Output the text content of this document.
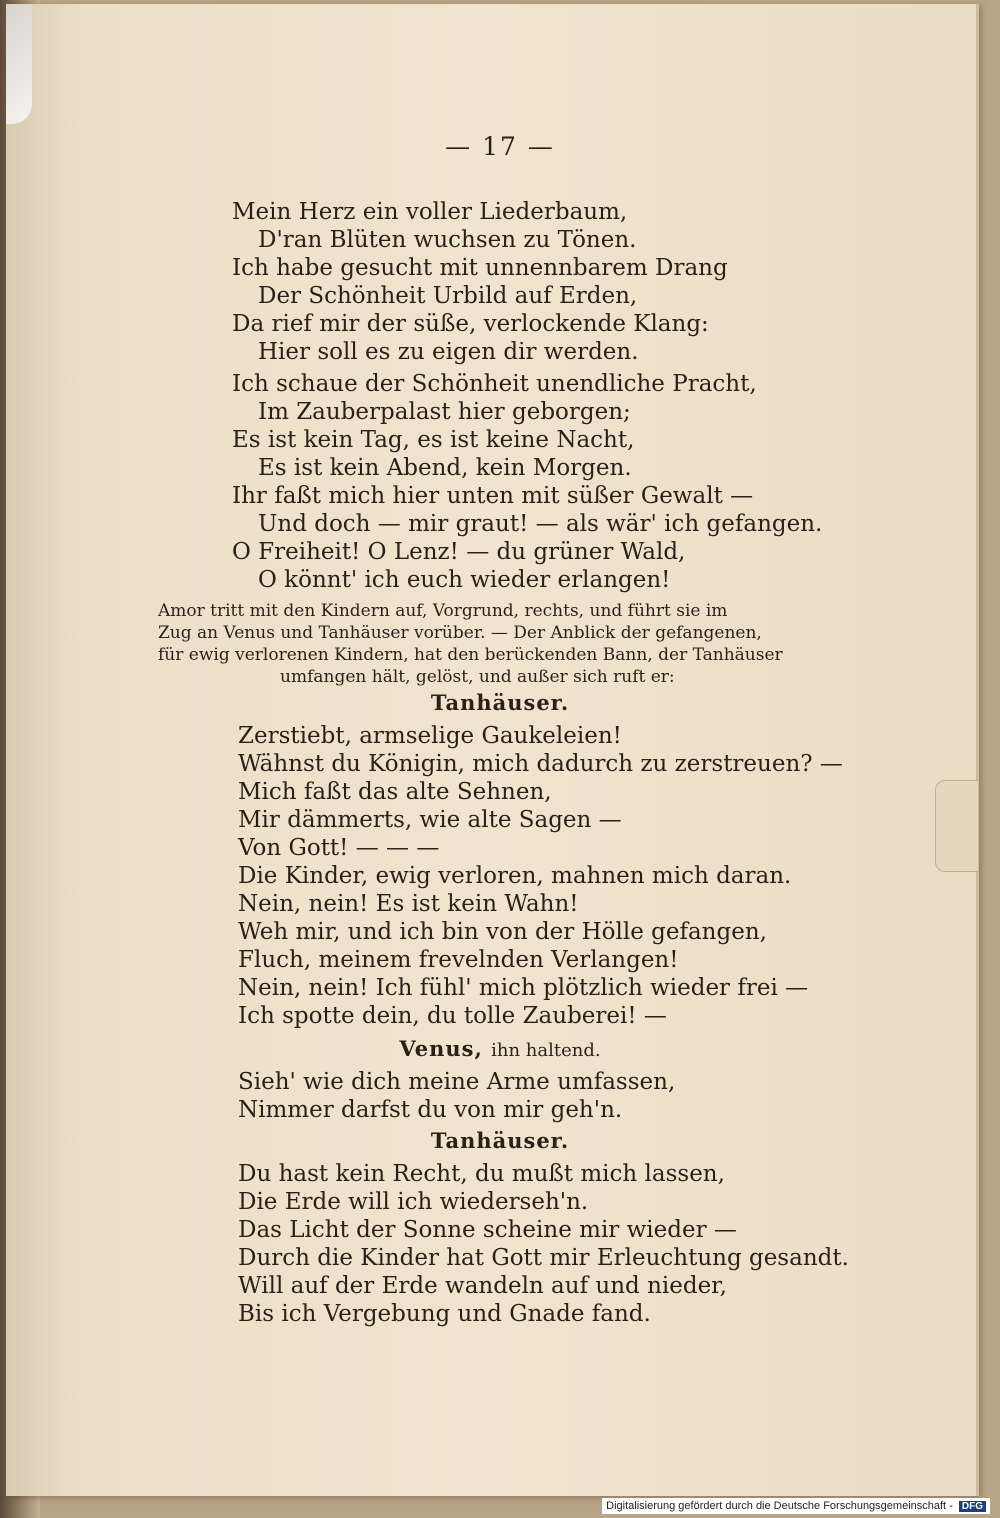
— 17 —
Mein Herz ein voller Liederbaum,
D'ran Blüten wuchsen zu Tönen.
Ich habe gesucht mit unnennbarem Drang
Der Schönheit Urbild auf Erden,
Da rief mir der süße, verlockende Klang:
Hier soll es zu eigen dir werden.
Ich schaue der Schönheit unendliche Pracht,
Im Zauberpalast hier geborgen;
Es ist kein Tag, es ist keine Nacht,
Es ist kein Abend, kein Morgen.
Ihr faßt mich hier unten mit süßer Gewalt —
Und doch — mir graut! — als wär' ich gefangen.
O Freiheit! O Lenz! — du grüner Wald,
O könnt' ich euch wieder erlangen!
Amor tritt mit den Kindern auf, Vorgrund, rechts, und führt sie im
Zug an Venus und Tanhäuser vorüber. — Der Anblick der gefangenen,
für ewig verlorenen Kindern, hat den berückenden Bann, der Tanhäuser
umfangen hält, gelöst, und außer sich ruft er:
Tanhäuser.
Zerstiebt, armselige Gaukeleien!
Wähnst du Königin, mich dadurch zu zerstreuen? —
Mich faßt das alte Sehnen,
Mir dämmerts, wie alte Sagen —
Von Gott! — — —
Die Kinder, ewig verloren, mahnen mich daran.
Nein, nein! Es ist kein Wahn!
Weh mir, und ich bin von der Hölle gefangen,
Fluch, meinem frevelnden Verlangen!
Nein, nein! Ich fühl' mich plötzlich wieder frei —
Ich spotte dein, du tolle Zauberei! —
Venus, ihn haltend.
Sieh' wie dich meine Arme umfassen,
Nimmer darfst du von mir geh'n.
Tanhäuser.
Du hast kein Recht, du mußt mich lassen,
Die Erde will ich wiederseh'n.
Das Licht der Sonne scheine mir wieder —
Durch die Kinder hat Gott mir Erleuchtung gesandt.
Will auf der Erde wandeln auf und nieder,
Bis ich Vergebung und Gnade fand.
Digitalisierung gefördert durch die Deutsche Forschungsgemeinschaft - DFG
